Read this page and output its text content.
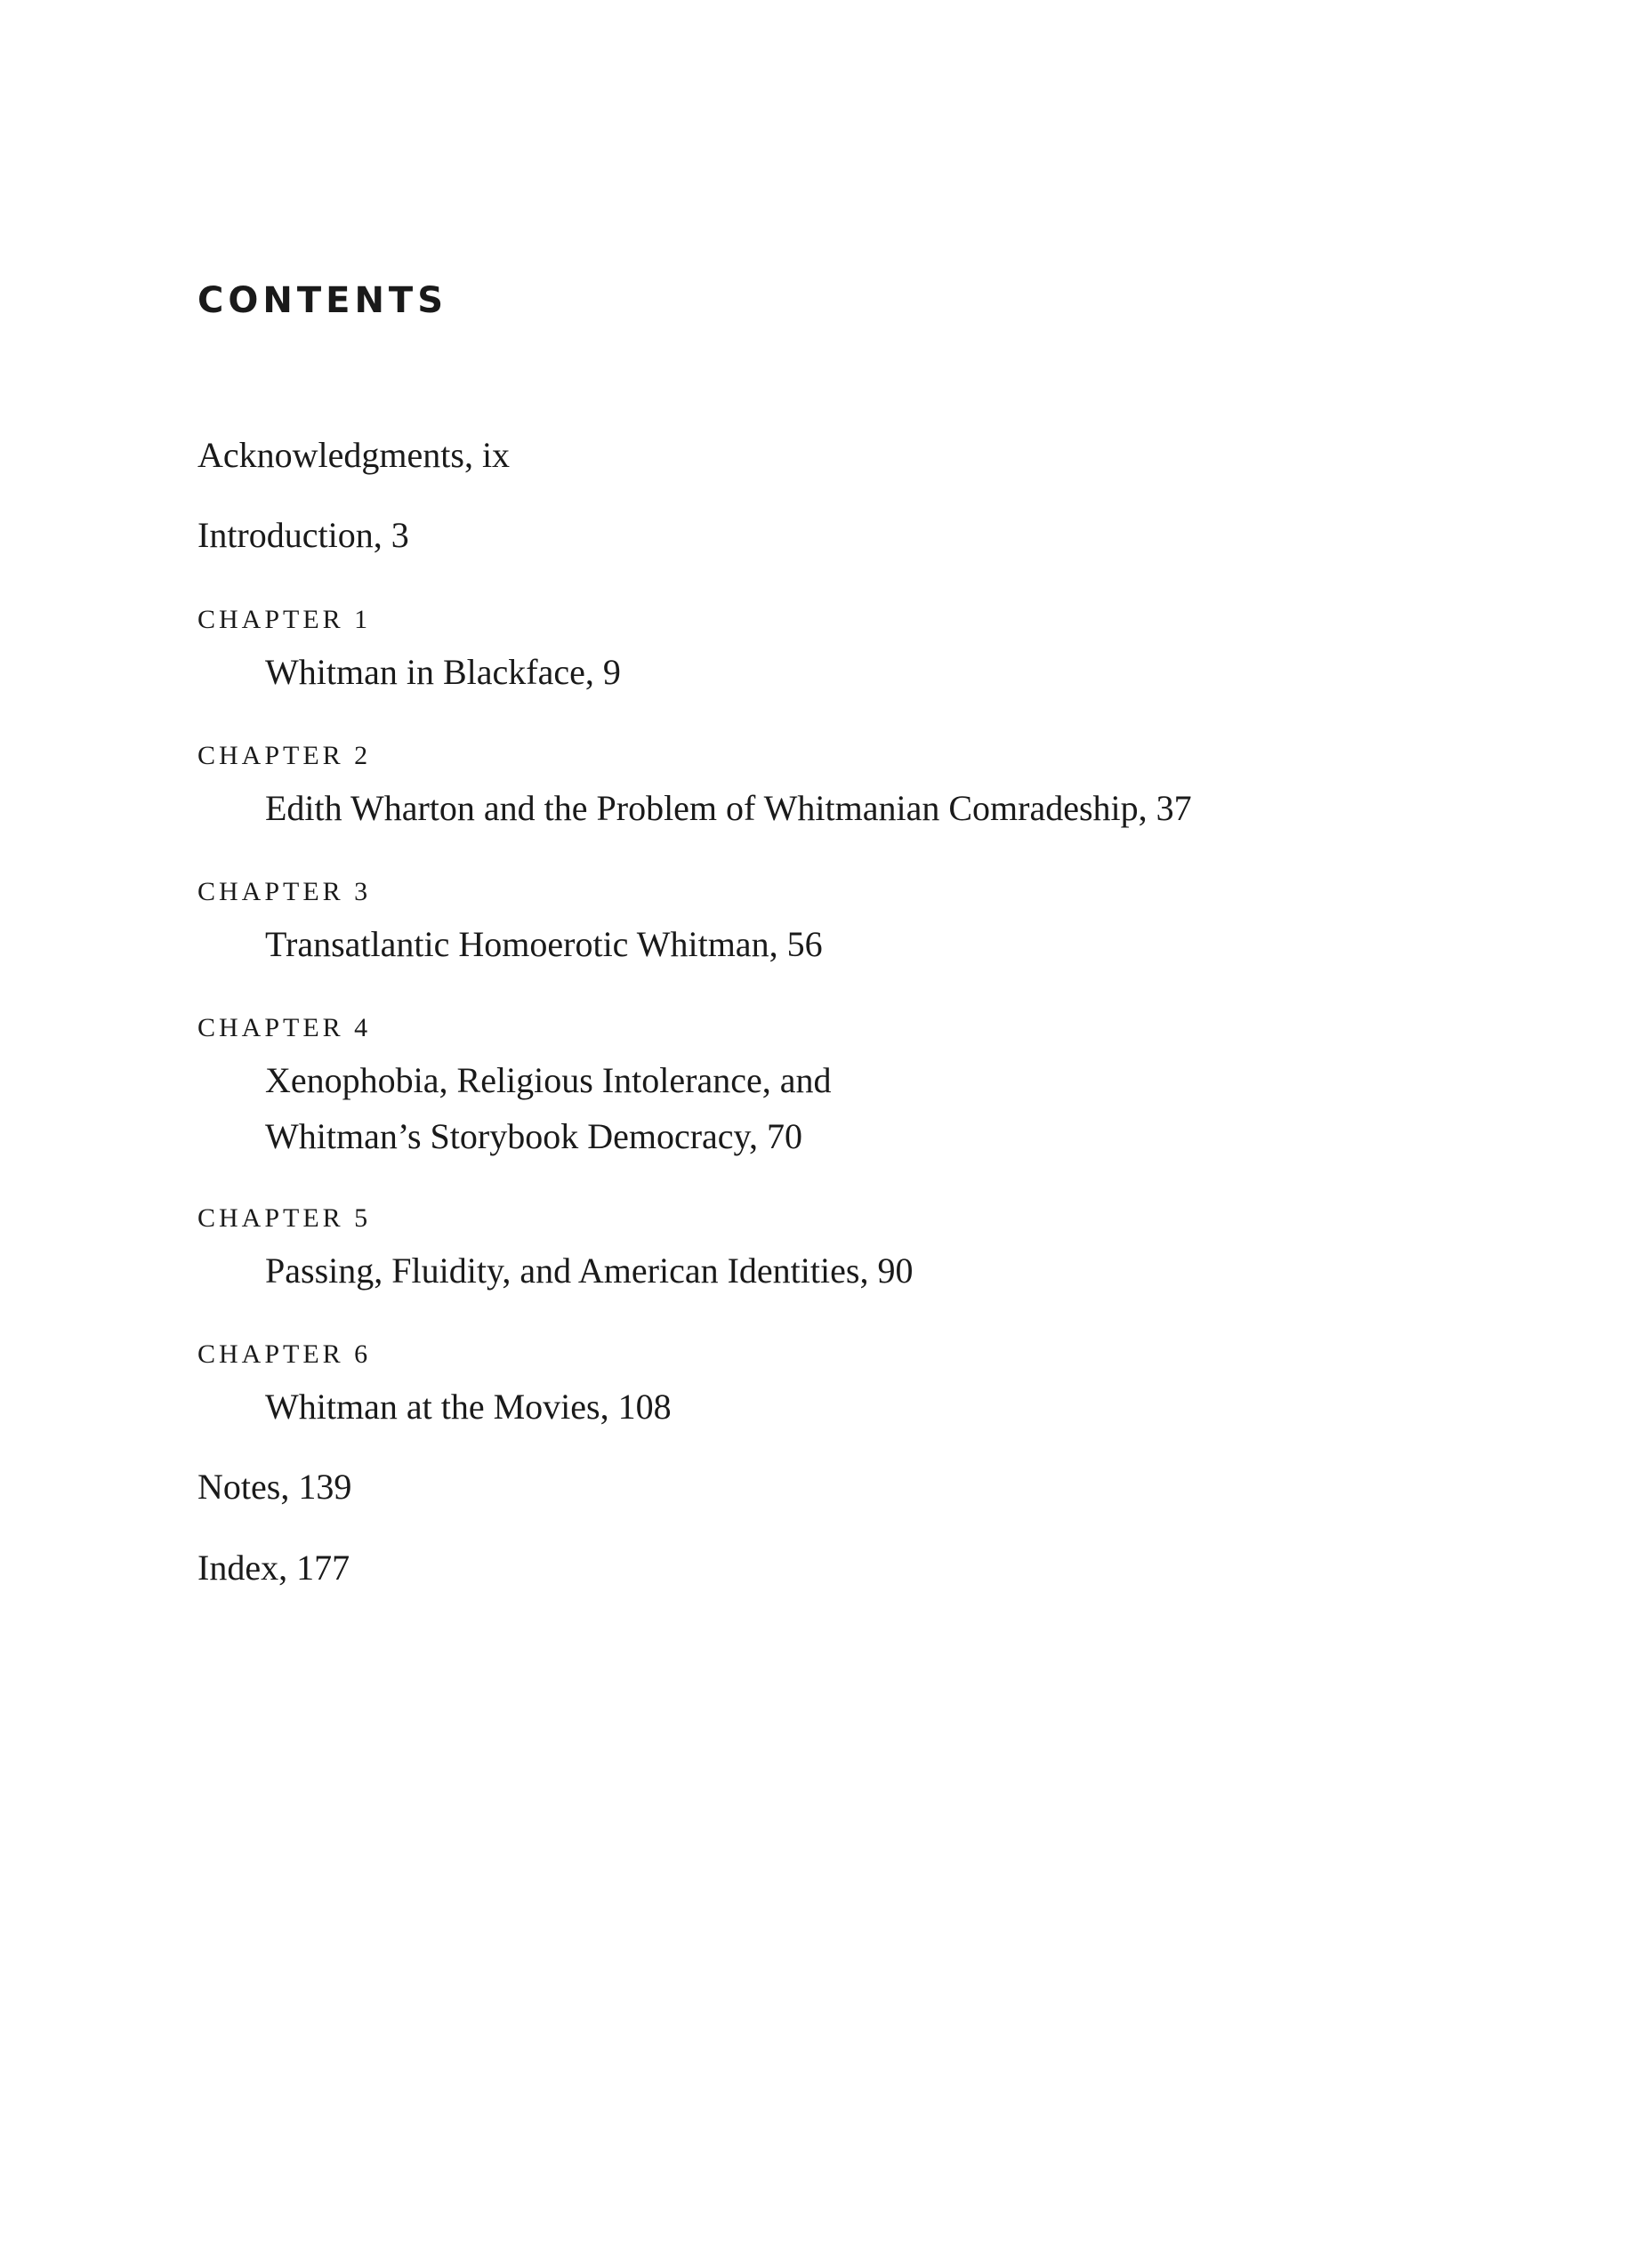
CONTENTS

Acknowledgments, ix

Introduction, 3

CHAPTER 1

Whitman in Blackface, 9

CHAPTER 2

Edith Wharton and the Problem of Whitmanian Comradeship, 37

CHAPTER 3

Transatlantic Homoerotic Whitman, 56

CHAPTER 4

Xenophobia, Religious Intolerance, and

Whitman’s Storybook Democracy, 70

CHAPTER 5

Passing, Fluidity, and American Identities, 90

CHAPTER 6

Whitman at the Movies, 108

Notes, 139

Index, 177
